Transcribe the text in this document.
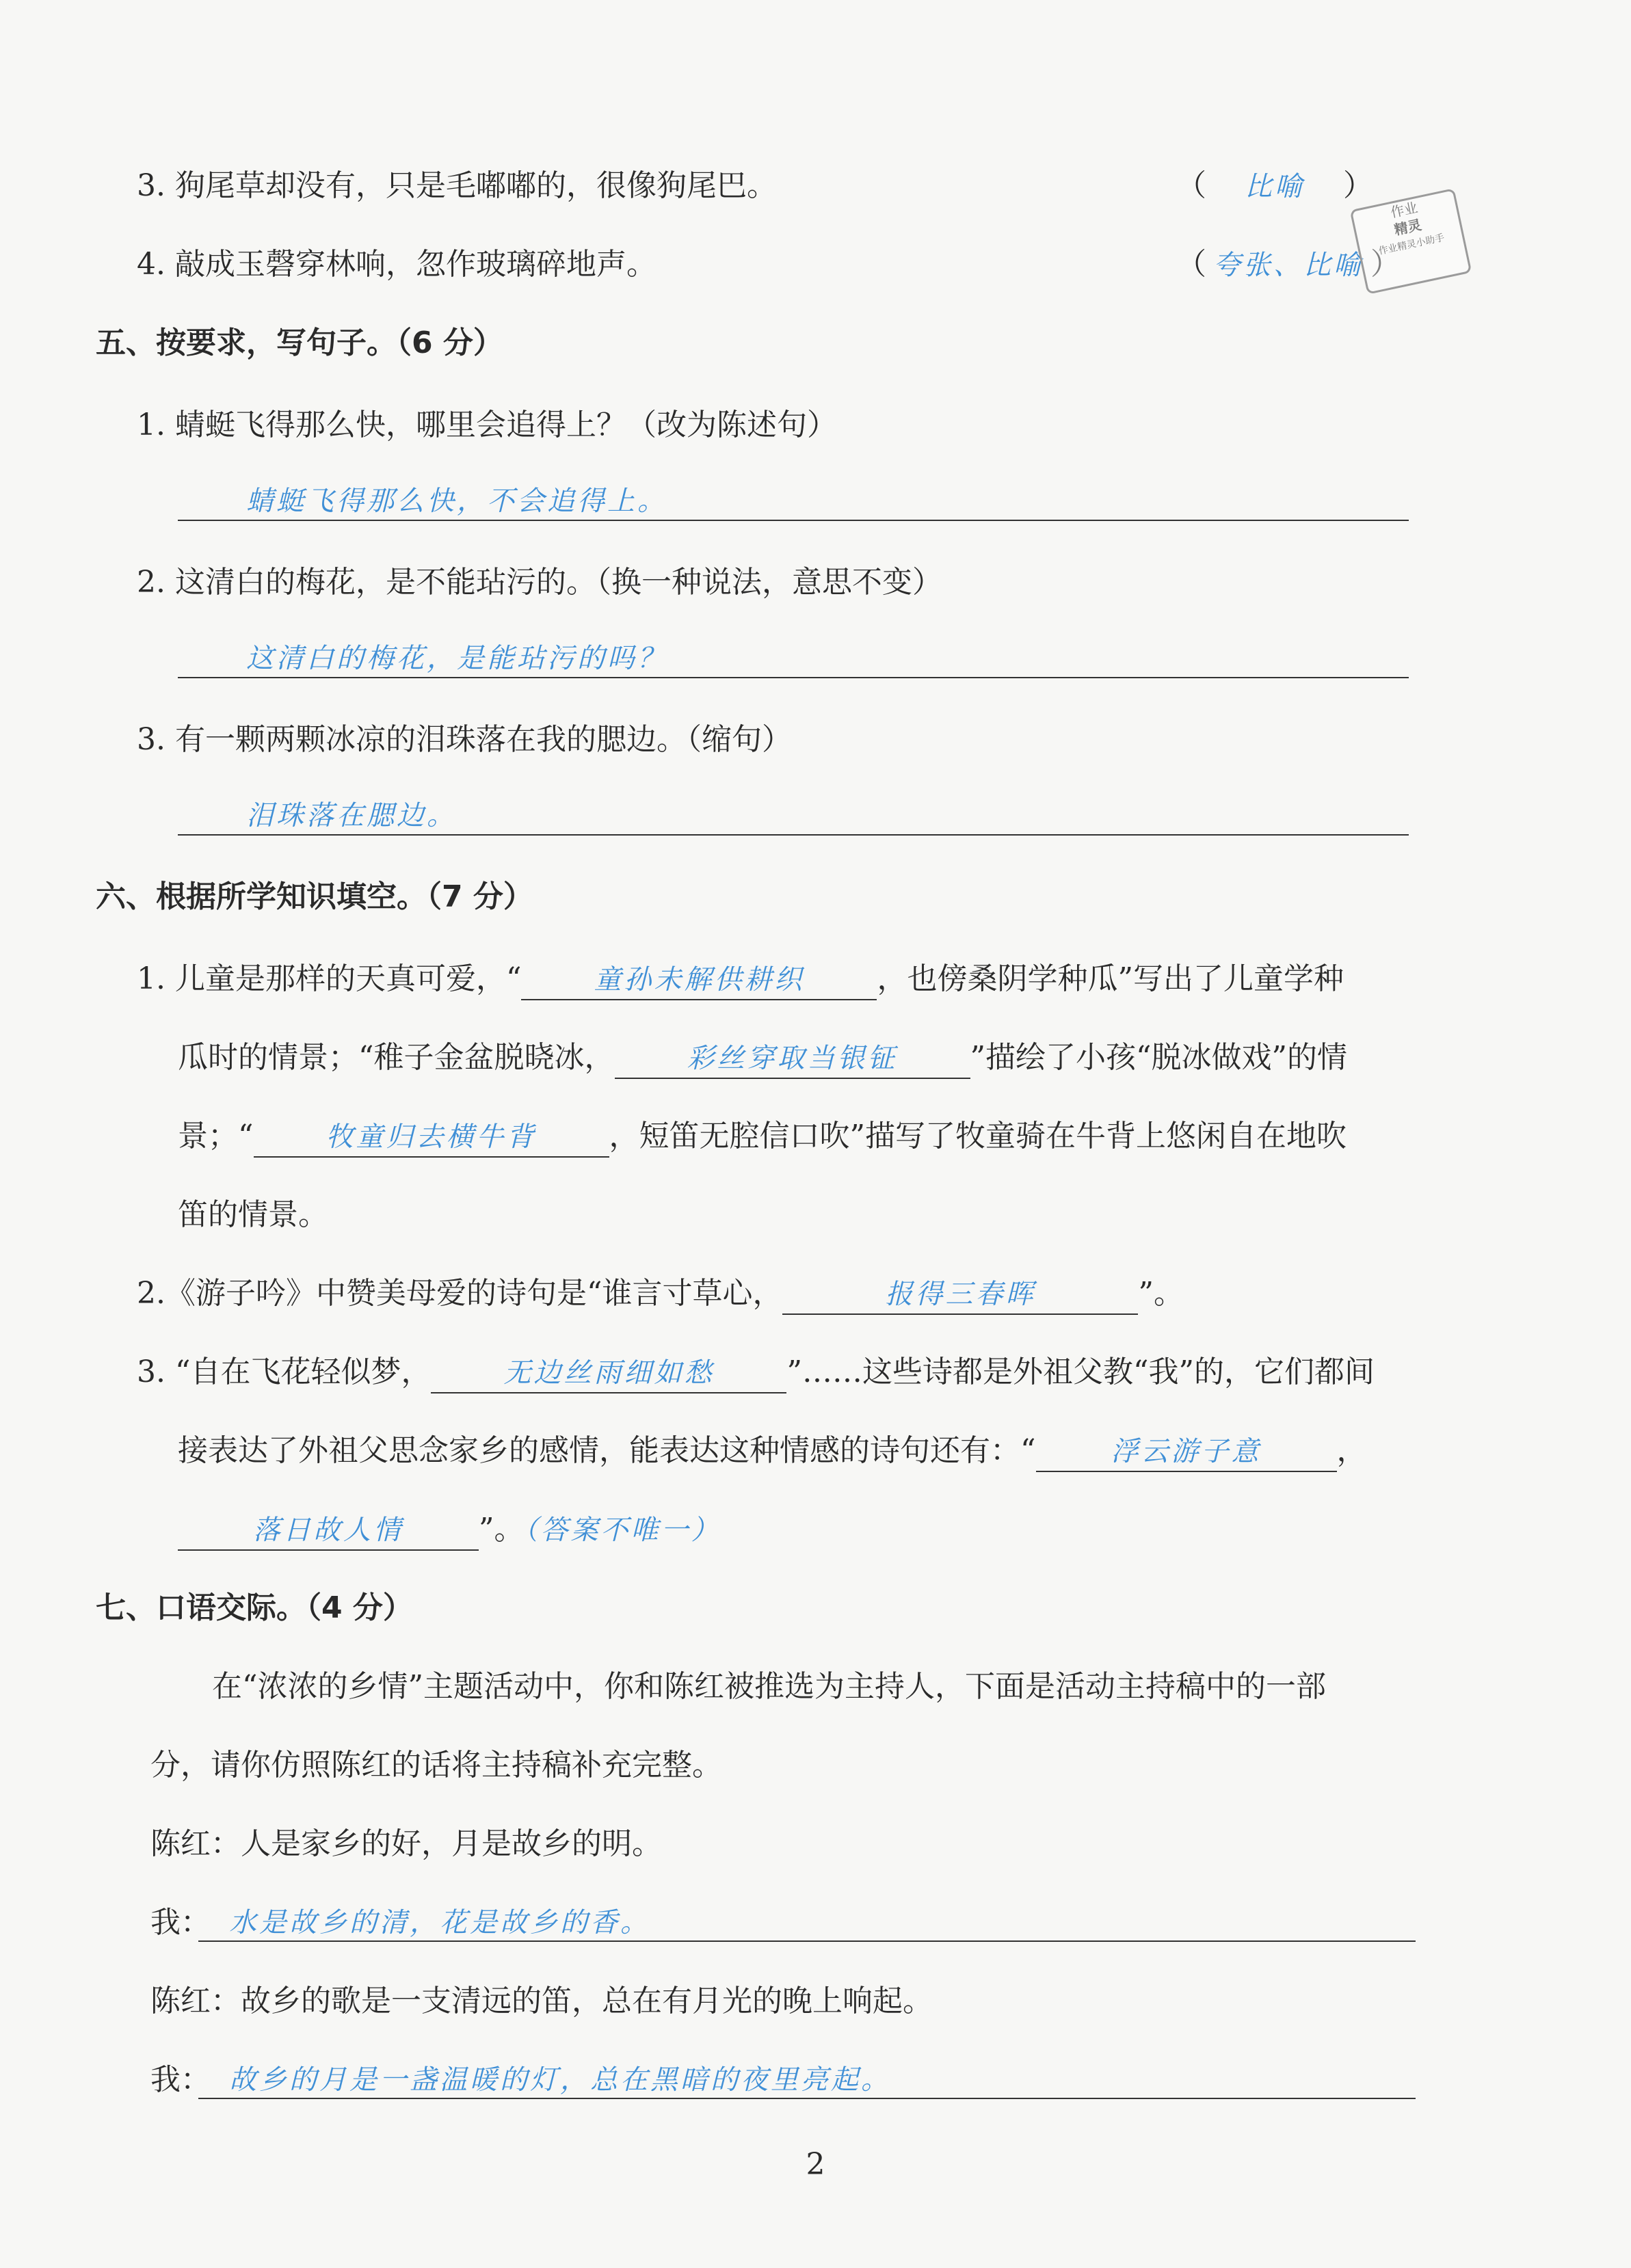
3. 狗尾草却没有，只是毛嘟嘟的，很像狗尾巴。	（ 比喻 ）
4. 敲成玉磬穿林响，忽作玻璃碎地声。	（ 夸张、比喻 ）
作业
精灵
作业精灵小助手
五、按要求，写句子。（6 分）
1. 蜻蜓飞得那么快，哪里会追得上？（改为陈述句）
蜻蜓飞得那么快，不会追得上。
2. 这清白的梅花，是不能玷污的。（换一种说法，意思不变）
这清白的梅花，是能玷污的吗？
3. 有一颗两颗冰凉的泪珠落在我的腮边。（缩句）
泪珠落在腮边。
六、根据所学知识填空。（7 分）
1. 儿童是那样的天真可爱，“	童孙未解供耕织 ，也傍桑阴学种瓜”写出了儿童学种
瓜时的情景；“稚子金盆脱晓冰，	彩丝穿取当银钲 ”描绘了小孩“脱冰做戏”的情
景；“	牧童归去横牛背 ，短笛无腔信口吹”描写了牧童骑在牛背上悠闲自在地吹
笛的情景。
2.《游子吟》中赞美母爱的诗句是“谁言寸草心，	报得三春晖	”。
3. “自在飞花轻似梦，	无边丝雨细如愁 ”……这些诗都是外祖父教“我”的，它们都间
接表达了外祖父思念家乡的感情，能表达这种情感的诗句还有：“	浮云游子意	，
落日故人情	”。（答案不唯一）
七、口语交际。（4 分）
在“浓浓的乡情”主题活动中，你和陈红被推选为主持人，下面是活动主持稿中的一部
分，请你仿照陈红的话将主持稿补充完整。
陈红：人是家乡的好，月是故乡的明。
我： 水是故乡的清，花是故乡的香。
陈红：故乡的歌是一支清远的笛，总在有月光的晚上响起。
我： 故乡的月是一盏温暖的灯，总在黑暗的夜里亮起。
2
